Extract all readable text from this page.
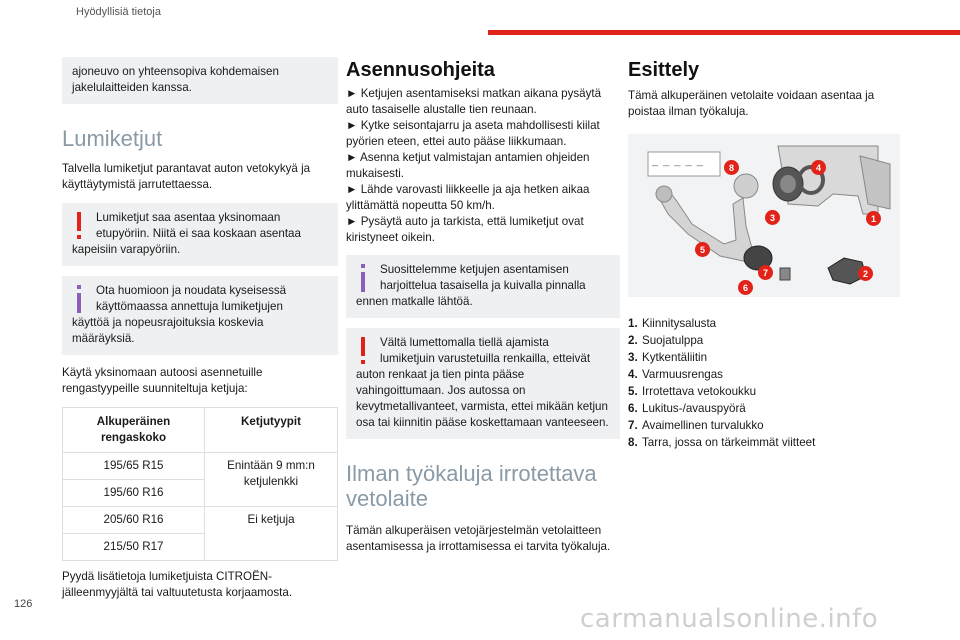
Hyödyllisiä tietoja
ajoneuvo on yhteensopiva kohdemaisen jakelulaitteiden kanssa.
Lumiketjut
Talvella lumiketjut parantavat auton vetokykyä ja käyttäytymistä jarrutettaessa.
Lumiketjut saa asentaa yksinomaan
etupyöriin. Niitä ei saa koskaan asentaa
kapeisiin varapyöriin.
Ota huomioon ja noudata kyseisessä
käyttömaassa annettuja lumiketjujen
käyttöä ja nopeusrajoituksia koskevia määräyksiä.
Käytä yksinomaan autoosi asennetuille rengastyypeille suunniteltuja ketjuja:
Alkuperäinen rengaskoko	Ketjutyypit
195/65 R15	Enintään 9 mm:n ketjulenkki
195/60 R16	
205/60 R16	Ei ketjuja
215/50 R17	
Pyydä lisätietoja lumiketjuista CITROËN-jälleenmyyjältä tai valtuutetusta korjaamosta.
Asennusohjeita
► Ketjujen asentamiseksi matkan aikana pysäytä auto tasaiselle alustalle tien reunaan.
► Kytke seisontajarru ja aseta mahdollisesti kiilat pyörien eteen, ettei auto pääse liikkumaan.
► Asenna ketjut valmistajan antamien ohjeiden mukaisesti.
► Lähde varovasti liikkeelle ja aja hetken aikaa ylittämättä nopeutta 50 km/h.
► Pysäytä auto ja tarkista, että lumiketjut ovat kiristyneet oikein.
Suosittelemme ketjujen asentamisen
harjoittelua tasaisella ja kuivalla pinnalla
ennen matkalle lähtöä.
Vältä lumettomalla tiellä ajamista
lumiketjuin varustetuilla renkailla, etteivät
auton renkaat ja tien pinta pääse vahingoittumaan. Jos autossa on kevytmetallivanteet, varmista, ettei mikään ketjun osa tai kiinnitin pääse koskettamaan vanteeseen.
Ilman työkaluja irrotettava vetolaite
Tämän alkuperäisen vetojärjestelmän vetolaitteen asentamisessa ja irrottamisessa ei tarvita työkaluja.
Esittely
Tämä alkuperäinen vetolaite voidaan asentaa ja poistaa ilman työkaluja.
8	4
3	1
5
7
6
2
_ _ _ _ _
1. Kiinnitysalusta
2. Suojatulppa
3. Kytkentäliitin
4. Varmuusrengas
5. Irrotettava vetokoukku
6. Lukitus-/avauspyörä
7. Avaimellinen turvalukko
8. Tarra, jossa on tärkeimmät viitteet
126	carmanualsonline.info
